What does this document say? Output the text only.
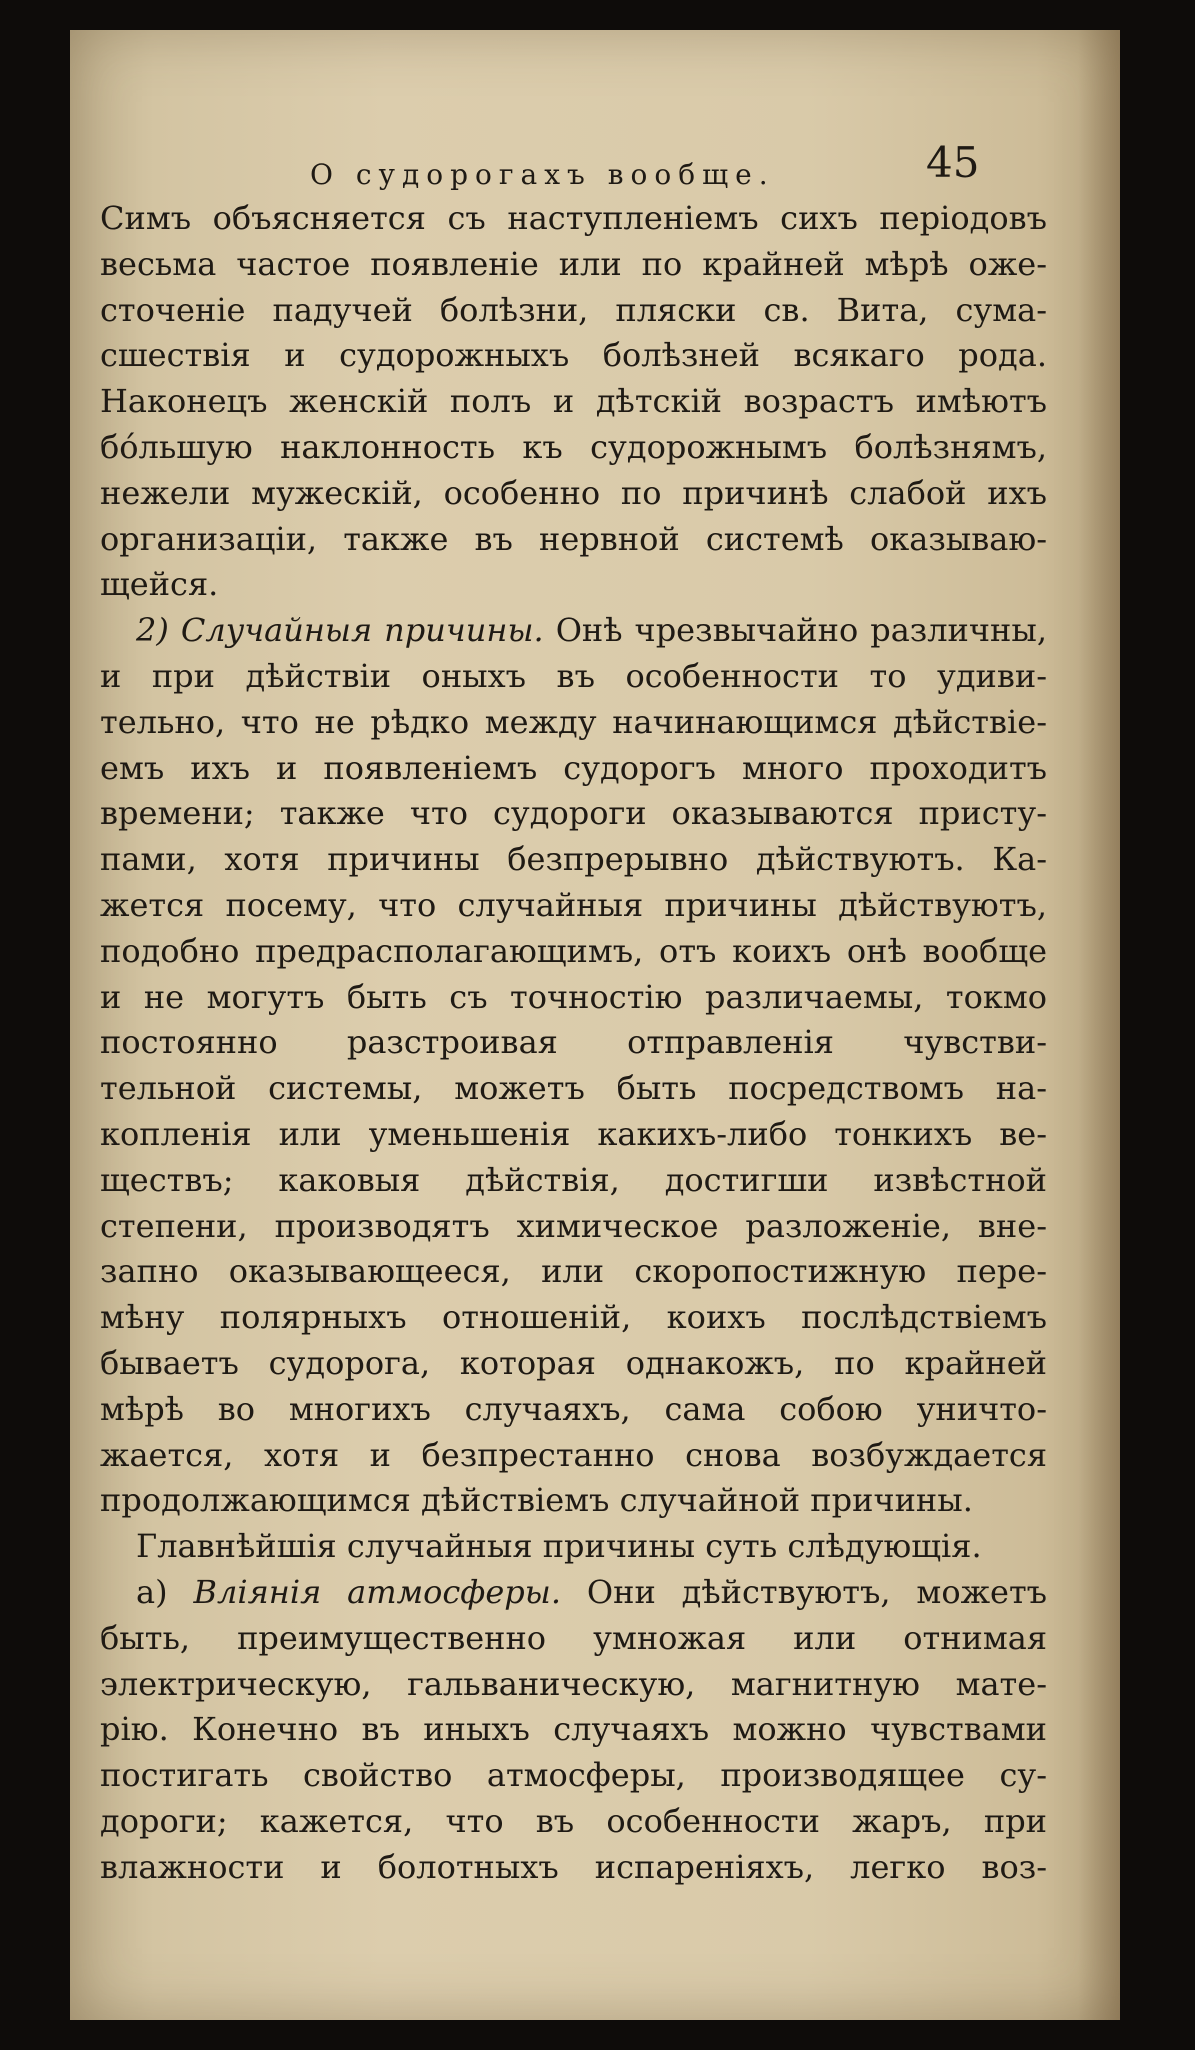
О судорогахъ вообще.	45
Симъ объясняется съ наступленіемъ сихъ періодовъ
весьма частое появленіе или по крайней мѣрѣ оже-
сточеніе падучей болѣзни, пляски св. Вита, сума-
сшествія и судорожныхъ болѣзней всякаго рода.
Наконецъ женскій полъ и дѣтскій возрастъ имѣютъ
бóльшую наклонность къ судорожнымъ болѣзнямъ,
нежели мужескій, особенно по причинѣ слабой ихъ
организаціи, также въ нервной системѣ оказываю-
щейся.
2) Случайныя причины. Онѣ чрезвычайно различны,
и при дѣйствіи оныхъ въ особенности то удиви-
тельно, что не рѣдко между начинающимся дѣйствіе-
емъ ихъ и появленіемъ судорогъ много проходитъ
времени; также что судороги оказываются присту-
пами, хотя причины безпрерывно дѣйствуютъ. Ка-
жется посему, что случайныя причины дѣйствуютъ,
подобно предрасполагающимъ, отъ коихъ онѣ вообще
и не могутъ быть съ точностію различаемы, токмо
постоянно разстроивая отправленія чувстви-
тельной системы, можетъ быть посредствомъ на-
копленія или уменьшенія какихъ-либо тонкихъ ве-
ществъ; каковыя дѣйствія, достигши извѣстной
степени, производятъ химическое разложеніе, вне-
запно оказывающееся, или скоропостижную пере-
мѣну полярныхъ отношеній, коихъ послѣдствіемъ
бываетъ судорога, которая однакожъ, по крайней
мѣрѣ во многихъ случаяхъ, сама собою уничто-
жается, хотя и безпрестанно снова возбуждается
продолжающимся дѣйствіемъ случайной причины.
Главнѣйшія случайныя причины суть слѣдующія.
а) Вліянія атмосферы. Они дѣйствуютъ, можетъ
быть, преимущественно умножая или отнимая
электрическую, гальваническую, магнитную мате-
рію. Конечно въ иныхъ случаяхъ можно чувствами
постигать свойство атмосферы, производящее су-
дороги; кажется, что въ особенности жаръ, при
влажности и болотныхъ испареніяхъ, легко воз-
